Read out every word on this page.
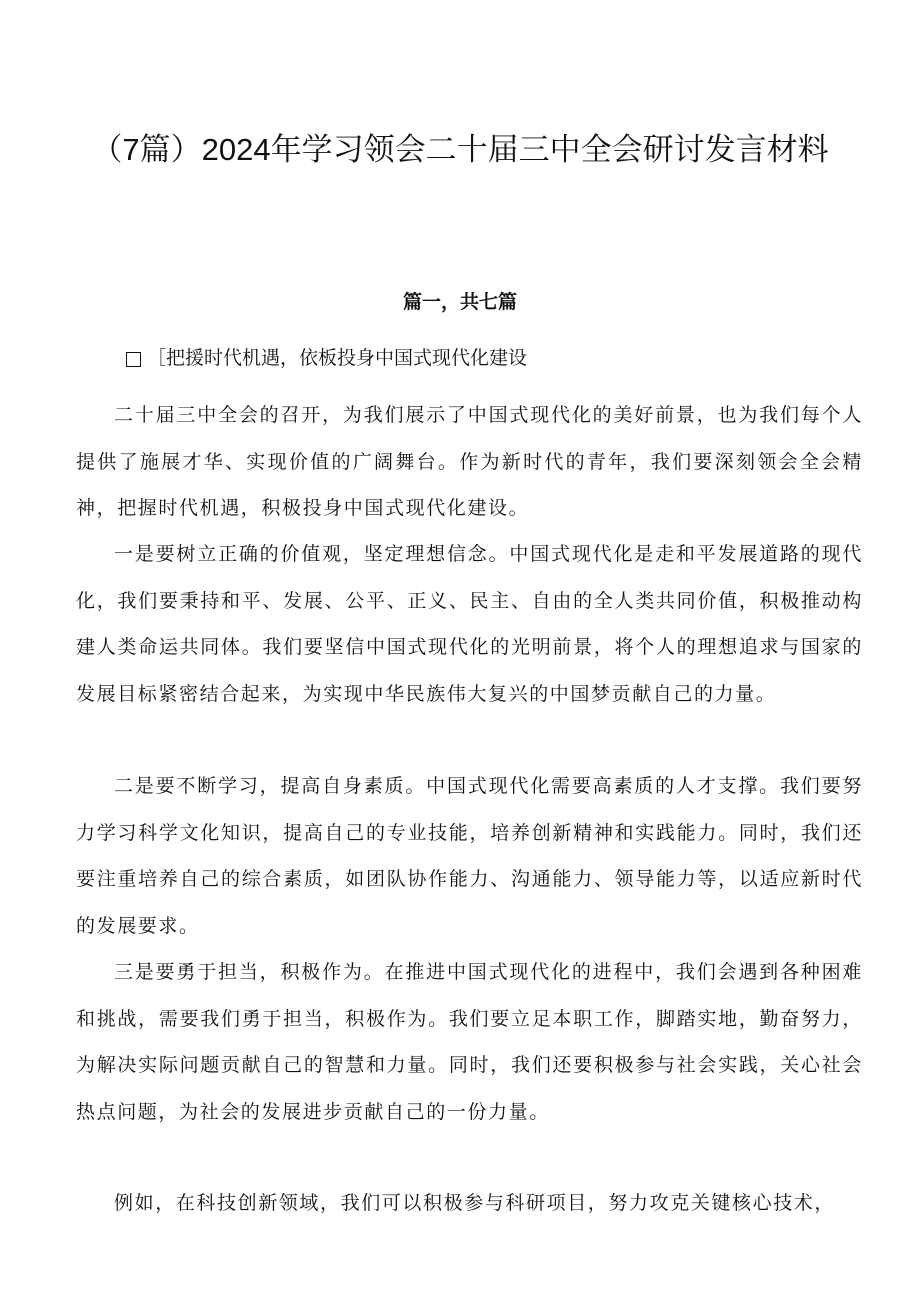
（7篇）2024年学习领会二十届三中全会研讨发言材料
篇一，共七篇
［ 把援时代机遇，依板投身中国式现代化建设

二十届三中全会的召开，为我们展示了中国式现代化的美好前景，也为我们每个人提供了施展才华、实现价值的广阔舞台。作为新时代的青年，我们要深刻领会全会精神，把握时代机遇，积极投身中国式现代化建设。

一是要树立正确的价值观，坚定理想信念。中国式现代化是走和平发展道路的现代化，我们要秉持和平、发展、公平、正义、民主、自由的全人类共同价值，积极推动构建人类命运共同体。我们要坚信中国式现代化的光明前景，将个人的理想追求与国家的发展目标紧密结合起来，为实现中华民族伟大复兴的中国梦贡献自己的力量。

二是要不断学习，提高自身素质。中国式现代化需要高素质的人才支撑。我们要努力学习科学文化知识，提高自己的专业技能，培养创新精神和实践能力。同时，我们还要注重培养自己的综合素质，如团队协作能力、沟通能力、领导能力等，以适应新时代的发展要求。

三是要勇于担当，积极作为。在推进中国式现代化的进程中，我们会遇到各种困难和挑战，需要我们勇于担当，积极作为。我们要立足本职工作，脚踏实地，勤奋努力，为解决实际问题贡献自己的智慧和力量。同时，我们还要积极参与社会实践，关心社会热点问题，为社会的发展进步贡献自己的一份力量。

例如，在科技创新领域，我们可以积极参与科研项目，努力攻克关键核心技术，
